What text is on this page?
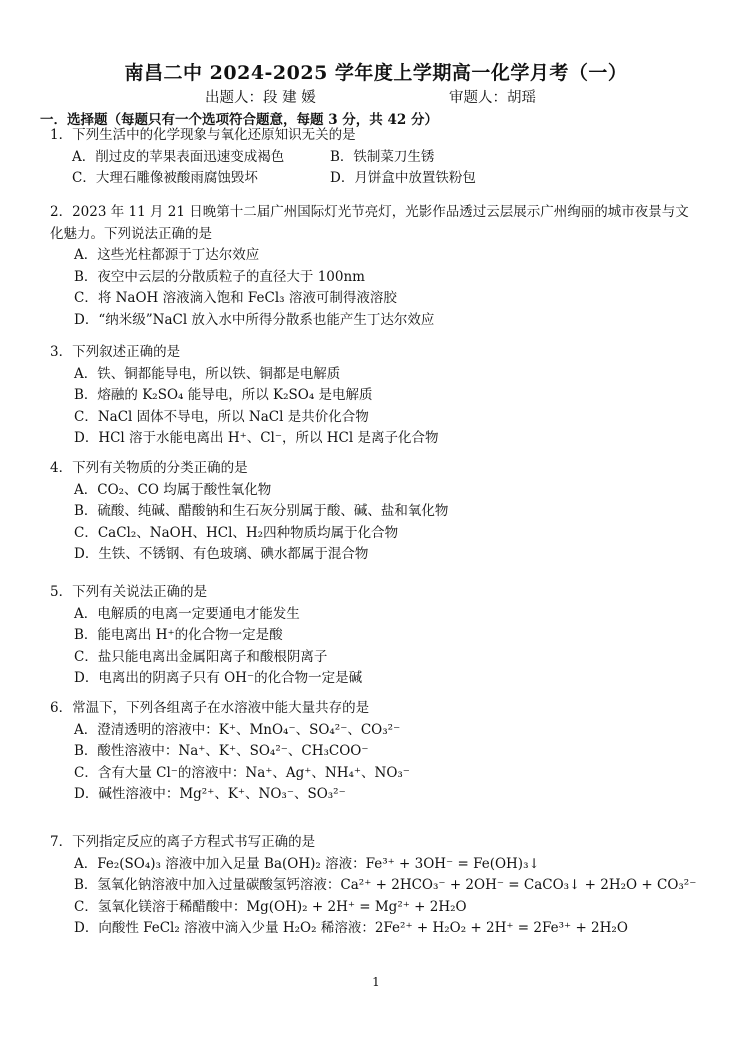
南昌二中 2024-2025 学年度上学期高一化学月考（一）
出题人：段 建 媛	审题人：胡瑶
一．选择题（每题只有一个选项符合题意，每题 3 分，共 42 分）
1．下列生活中的化学现象与氧化还原知识无关的是
A．削过皮的苹果表面迅速变成褐色	B．铁制菜刀生锈
C．大理石雕像被酸雨腐蚀毁坏	D．月饼盒中放置铁粉包
2．2023 年 11 月 21 日晚第十二届广州国际灯光节亮灯，光影作品透过云层展示广州绚丽的城市夜景与文化魅力。下列说法正确的是
A．这些光柱都源于丁达尔效应
B．夜空中云层的分散质粒子的直径大于 100nm
C．将 NaOH 溶液滴入饱和 FeCl₃ 溶液可制得液溶胶
D．“纳米级”NaCl 放入水中所得分散系也能产生丁达尔效应
3．下列叙述正确的是
A．铁、铜都能导电，所以铁、铜都是电解质
B．熔融的 K₂SO₄ 能导电，所以 K₂SO₄ 是电解质
C．NaCl 固体不导电，所以 NaCl 是共价化合物
D．HCl 溶于水能电离出 H⁺、Cl⁻，所以 HCl 是离子化合物
4．下列有关物质的分类正确的是
A．CO₂、CO 均属于酸性氧化物
B．硫酸、纯碱、醋酸钠和生石灰分别属于酸、碱、盐和氧化物
C．CaCl₂、NaOH、HCl、H₂四种物质均属于化合物
D．生铁、不锈钢、有色玻璃、碘水都属于混合物
5．下列有关说法正确的是
A．电解质的电离一定要通电才能发生
B．能电离出 H⁺的化合物一定是酸
C．盐只能电离出金属阳离子和酸根阴离子
D．电离出的阴离子只有 OH⁻的化合物一定是碱
6．常温下，下列各组离子在水溶液中能大量共存的是
A．澄清透明的溶液中：K⁺、MnO₄⁻、SO₄²⁻、CO₃²⁻
B．酸性溶液中：Na⁺、K⁺、SO₄²⁻、CH₃COO⁻
C．含有大量 Cl⁻的溶液中：Na⁺、Ag⁺、NH₄⁺、NO₃⁻
D．碱性溶液中：Mg²⁺、K⁺、NO₃⁻、SO₃²⁻
7．下列指定反应的离子方程式书写正确的是
A．Fe₂(SO₄)₃ 溶液中加入足量 Ba(OH)₂ 溶液：Fe³⁺ + 3OH⁻ = Fe(OH)₃↓
B．氢氧化钠溶液中加入过量碳酸氢钙溶液：Ca²⁺ + 2HCO₃⁻ + 2OH⁻ = CaCO₃↓ + 2H₂O + CO₃²⁻
C．氢氧化镁溶于稀醋酸中：Mg(OH)₂ + 2H⁺ = Mg²⁺ + 2H₂O
D．向酸性 FeCl₂ 溶液中滴入少量 H₂O₂ 稀溶液：2Fe²⁺ + H₂O₂ + 2H⁺ = 2Fe³⁺ + 2H₂O
1
